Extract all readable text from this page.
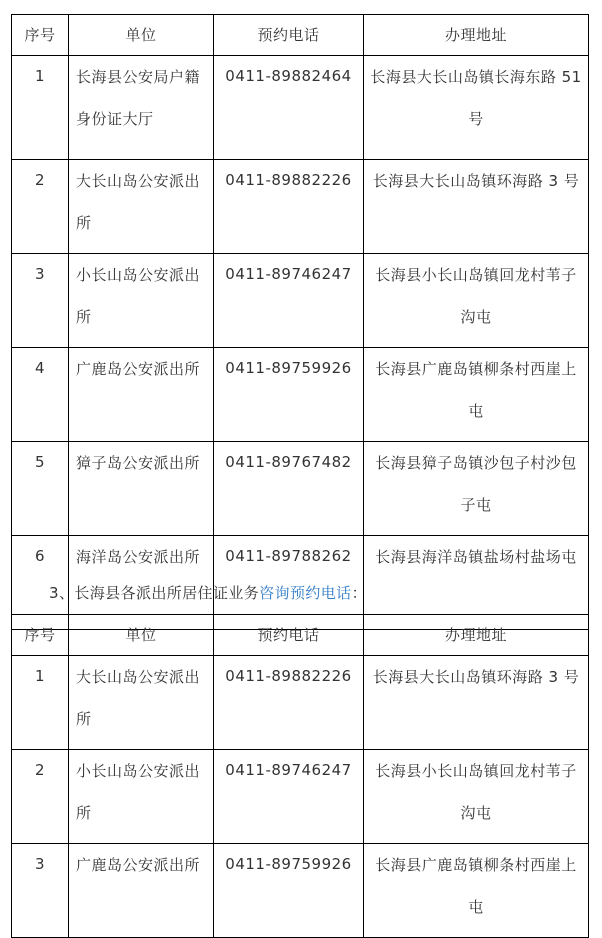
序号	单位	预约电话	办理地址
1	长海县公安局户籍身份证大厅	0411-89882464	长海县大长山岛镇长海东路 51 号
2	大长山岛公安派出所	0411-89882226	长海县大长山岛镇环海路 3 号
3	小长山岛公安派出所	0411-89746247	长海县小长山岛镇回龙村苇子沟屯
4	广鹿岛公安派出所	0411-89759926	长海县广鹿岛镇柳条村西崖上屯
5	獐子岛公安派出所	0411-89767482	长海县獐子岛镇沙包子村沙包子屯
6	海洋岛公安派出所	0411-89788262	长海县海洋岛镇盐场村盐场屯
3、长海县各派出所居住证业务咨询预约电话：
序号	单位	预约电话	办理地址
1	大长山岛公安派出所	0411-89882226	长海县大长山岛镇环海路 3 号
2	小长山岛公安派出所	0411-89746247	长海县小长山岛镇回龙村苇子沟屯
3	广鹿岛公安派出所	0411-89759926	长海县广鹿岛镇柳条村西崖上屯
